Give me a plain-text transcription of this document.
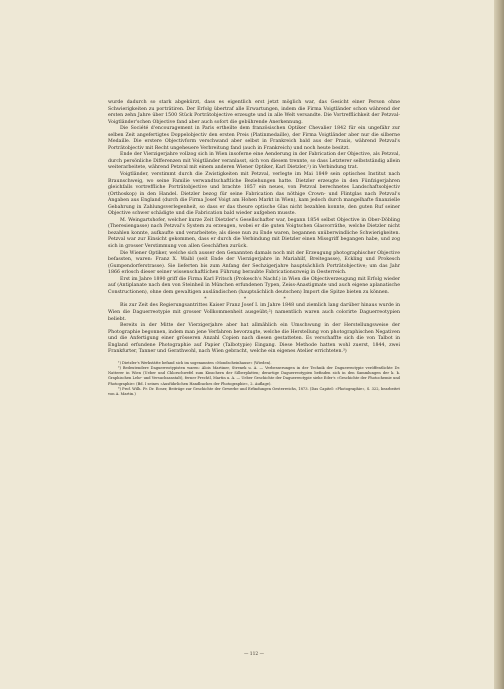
wurde dadurch so stark abgekürzt, dass es eigentlich erst jetzt möglich war, das Gesicht einer Person ohne Schwierigkeiten zu porträtiren. Der Erfolg übertraf alle Erwartungen, indem die Firma Voigtländer schon während der ersten zehn Jahre über 1500 Stück Porträtobjective erzeugte und in alle Welt versandte. Die Vortrefflichkeit der Petzval-Voigtländer'schen Objective fand aber auch sofort die gebührende Anerkennung.

Die Société d'encouragement in Paris ertheilte dem französischen Optiker Chevalier 1842 für ein ungefähr zur selben Zeit angefertigtes Doppelobjectiv den ersten Preis (Platinmedaille), der Firma Voigtländer aber nur die silberne Medaille. Die erstere Objectivform verschwand aber selbst in Frankreich bald aus der Praxis, während Petzval's Porträtobjectiv mit Recht ungeheuere Verbreitung fand (auch in Frankreich) und noch heute besitzt.

Ende der Vierzigerjahre vollzog sich in Wien insoferne eine Aenderung in der Fabrication der Objective, als Petzval, durch persönliche Differenzen mit Voigtländer veranlasst, sich von diesem trennte, so dass Letzterer selbstständig allein weiterarbeitete, während Petzval mit einem anderen Wiener Optiker, Karl Dietzler,¹) in Verbindung trat.

Voigtländer, verstimmt durch die Zwistigkeiten mit Petzval, verlegte im Mai 1849 sein optisches Institut nach Braunschweig, wo seine Familie verwandtschaftliche Beziehungen hatte. Dietzler erzeugte in den Fünfzigerjahren gleichfalls vortreffliche Porträtobjective und brachte 1857 ein neues, von Petzval berechnetes Landschaftsobjectiv (Orthoskop) in den Handel. Dietzler bezog für seine Fabrication das nöthige Crown- und Flintglas nach Petzval's Angaben aus England (durch die Firma Josef Voigt am Hohen Markt in Wien), kam jedoch durch mangelhafte finanzielle Gebahrung in Zahlungsverlegenheit, so dass er das theure optische Glas nicht bezahlen konnte, den guten Ruf seiner Objective schwer schädigte und die Fabrication bald wieder aufgeben musste.

M. Weingartshofer, welcher kurze Zeit Dietzler's Gesellschafter war, begann 1854 selbst Objective in Ober-Döbling (Theresiengasse) nach Petzval's System zu erzeugen, wobei er die guten Voigtschen Glasvorräthe, welche Dietzler nicht bezahlen konnte, aufkaufte und verarbeitete; als diese nun zu Ende waren, begannen unüberwindliche Schwierigkeiten. Petzval war zur Einsicht gekommen, dass er durch die Verbindung mit Dietzler einen Missgriff begangen habe, und zog sich in grosser Verstimmung von allen Geschäften zurück.

Die Wiener Optiker, welche sich ausser den Genannten damals noch mit der Erzeugung photographischer Objective befassten, waren: Franz X. Waibl (seit Ende der Vierzigerjahre in Mariahilf, Breitegasse), Eckling und Prokesch (Gumpendorferstrasse). Sie lieferten bis zum Anfang der Sechzigerjahre hauptsächlich Porträtobjective; um das Jahr 1866 erlosch dieser seiner wissenschaftlichen Führung beraubte Fabricationszweig in Oesterreich.

Erst im Jahre 1890 griff die Firma Karl Fritsch (Prokesch's Nachf.) in Wien die Objectiverzeugung mit Erfolg wieder auf (Antiplanate nach den von Steinheil in München erfundenen Typen, Zeiss-Anastigmate und auch eigene aplanatische Constructionen), ohne dem gewaltigen ausländischen (hauptsächlich deutschen) Import die Spitze bieten zu können.

* * *

Bis zur Zeit des Regierungsantrittes Kaiser Franz Josef I. im Jahre 1848 und ziemlich lang darüber hinaus wurde in Wien die Daguerreotypie mit grosser Vollkommenheit ausgeübt;²) namentlich waren auch colorirte Daguerreotypien beliebt.

Bereits in der Mitte der Vierzigerjahre aber hat allmählich ein Umschwung in der Herstellungsweise der Photographie begonnen, indem man jene Verfahren bevorzugte, welche die Herstellung von photographischen Negativen und die Anfertigung einer grösseren Anzahl Copien nach diesen gestatteten. Es verschaffte sich die von Talbot in England erfundene Photographie auf Papier (Talbotypie) Eingang. Diese Methode hatten wohl zuerst, 1844, zwei Frankfurter, Tanner und Gerathwohl, nach Wien gebracht, welche ein eigenes Atelier errichteten.³)

¹) Dietzler's Werkstätte befand sich im sogenannten »Mondscheinhause« (Wieden).

²) Bedeutendere Daguerreotypisten waren: Alois Martiner, Strenek u. A. — Verbesserungen in der Technik der Daguerreotypie veröffentlichte Dr. Natterer in Wien (Ueber und Chlorschwefel zum Kinschern der Silberplatten; derartige Daguerreotypien befinden sich in den Sammlungen der k. k. Graphischen Lehr- und Versuchsanstalt), ferner Prechtl, Martin u. A. — Ueber Geschichte der Daguerreotypie siehe Eder's »Geschichte der Photochemie und Photographie« (Bd. I seines »Ausführlichen Handbuches der Photographie«, 2. Auflage).

³) Prof. Wilh. Fr. Dr. Ecner, Beiträge zur Geschichte der Gewerbe und Erfindungen Oesterreichs, 1873. (Das Capitel: »Photographie«, S. 322, bearbeitet von A. Martin.)

— 112 —
